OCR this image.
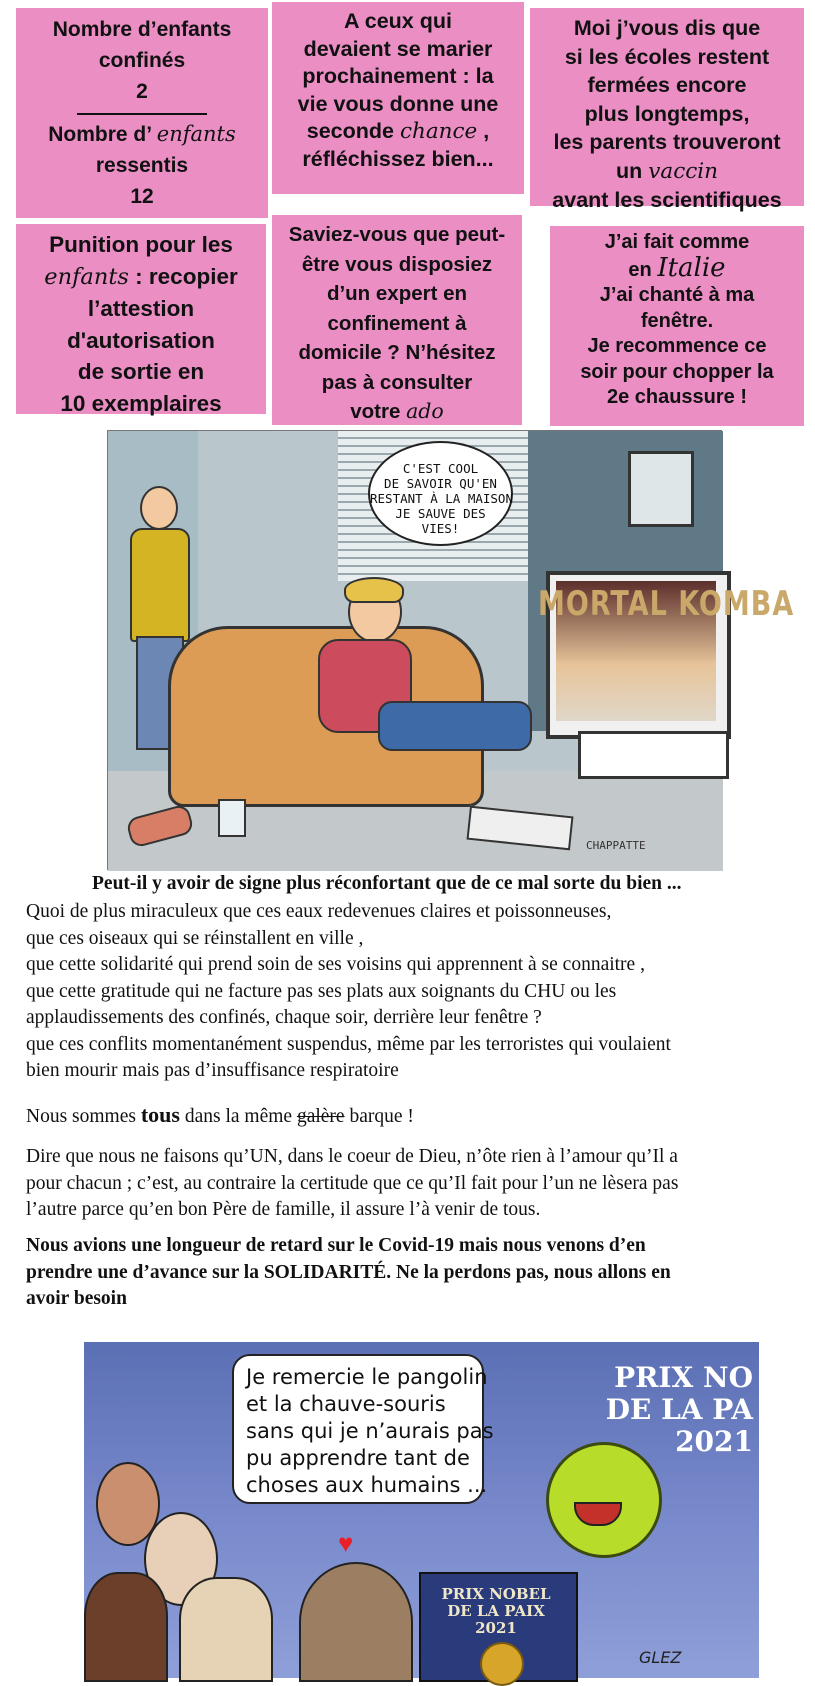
Nombre d’enfants
confinés
2
Nombre d’ enfants
ressentis
12
A ceux qui
devaient se marier
prochainement : la
vie vous donne une
seconde chance ,
réfléchissez bien...
Moi j’vous dis que
si les écoles restent
fermées encore
plus longtemps,
les parents trouveront
un vaccin
avant les scientifiques
Punition pour les
enfants : recopier
l’attestion
d'autorisation
de sortie en
10 exemplaires
Saviez-vous que peut-
être vous disposiez
d’un expert en
confinement à
domicile ? N’hésitez
pas à consulter
votre ado
J’ai fait comme
en Italie
J’ai chanté à ma
fenêtre.
Je recommence ce
soir pour chopper la
2e chaussure !
C'EST COOL
DE SAVOIR QU'EN
RESTANT À LA MAISON
JE SAUVE DES
VIES!
MORTAL KOMBA
CHAPPATTE
Peut-il y avoir de signe plus réconfortant que de ce mal sorte du bien ...
Quoi de plus miraculeux que ces eaux redevenues claires et poissonneuses,
que ces oiseaux qui se réinstallent en ville ,
que cette solidarité qui prend soin de ses voisins qui apprennent à se connaitre ,
que cette gratitude qui ne facture pas ses plats aux soignants du CHU ou les
applaudissements des confinés, chaque soir, derrière leur fenêtre ?
que ces conflits momentanément suspendus, même par les terroristes qui voulaient
bien mourir mais pas d’insuffisance respiratoire
Nous sommes tous dans la même galère barque !
Dire que nous ne faisons qu’UN, dans le coeur de Dieu, n’ôte rien à l’amour qu’Il a
pour chacun ; c’est, au contraire la certitude que ce qu’Il fait pour l’un ne lèsera pas
l’autre parce qu’en bon Père de famille, il assure l’à venir de tous.
Nous avions une longueur de retard sur le Covid-19 mais nous venons d’en
prendre une d’avance sur la SOLIDARITÉ. Ne la perdons pas, nous allons en
avoir besoin
♥
Je remercie le pangolin
et la chauve-souris
sans qui je n’aurais pas
pu apprendre tant de
choses aux humains ...
PRIX NO
DE LA PA
2021
PRIX NOBEL
DE LA PAIX
2021
GLEZ
